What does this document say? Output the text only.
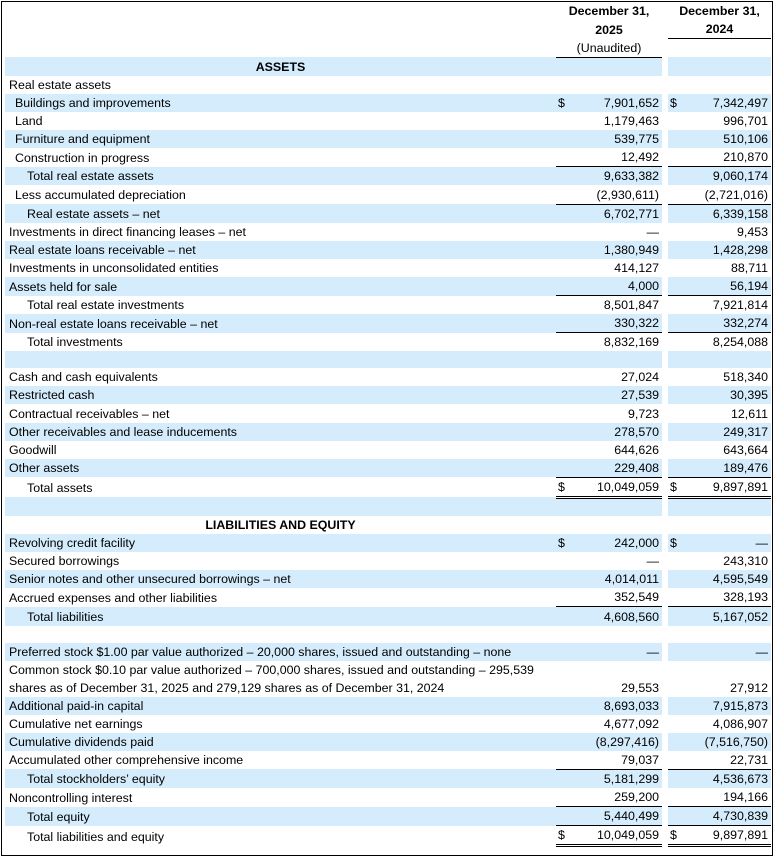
	December 31,			December 31,	
	2025			2024	
	(Unaudited)				
ASSETS					
Real estate assets					
Buildings and improvements	$	7,901,652		$	7,342,497
Land		1,179,463			996,701
Furniture and equipment		539,775			510,106
Construction in progress		12,492			210,870
Total real estate assets		9,633,382			9,060,174
Less accumulated depreciation		(2,930,611)			(2,721,016)
Real estate assets – net		6,702,771			6,339,158
Investments in direct financing leases – net		—			9,453
Real estate loans receivable – net		1,380,949			1,428,298
Investments in unconsolidated entities		414,127			88,711
Assets held for sale		4,000			56,194
Total real estate investments		8,501,847			7,921,814
Non-real estate loans receivable – net		330,322			332,274
Total investments		8,832,169			8,254,088

Cash and cash equivalents		27,024			518,340
Restricted cash		27,539			30,395
Contractual receivables – net		9,723			12,611
Other receivables and lease inducements		278,570			249,317
Goodwill		644,626			643,664
Other assets		229,408			189,476
Total assets	$	10,049,059		$	9,897,891

LIABILITIES AND EQUITY					
Revolving credit facility	$	242,000		$	—
Secured borrowings		—			243,310
Senior notes and other unsecured borrowings – net		4,014,011			4,595,549
Accrued expenses and other liabilities		352,549			328,193
Total liabilities		4,608,560			5,167,052

Preferred stock $1.00 par value authorized – 20,000 shares, issued and outstanding – none		—			—
Common stock $0.10 par value authorized – 700,000 shares, issued and outstanding – 295,539 shares as of December 31, 2025 and 279,129 shares as of December 31, 2024		29,553			27,912
Additional paid-in capital		8,693,033			7,915,873
Cumulative net earnings		4,677,092			4,086,907
Cumulative dividends paid		(8,297,416)			(7,516,750)
Accumulated other comprehensive income		79,037			22,731
Total stockholders’ equity		5,181,299			4,536,673
Noncontrolling interest		259,200			194,166
Total equity		5,440,499			4,730,839
Total liabilities and equity	$	10,049,059		$	9,897,891
